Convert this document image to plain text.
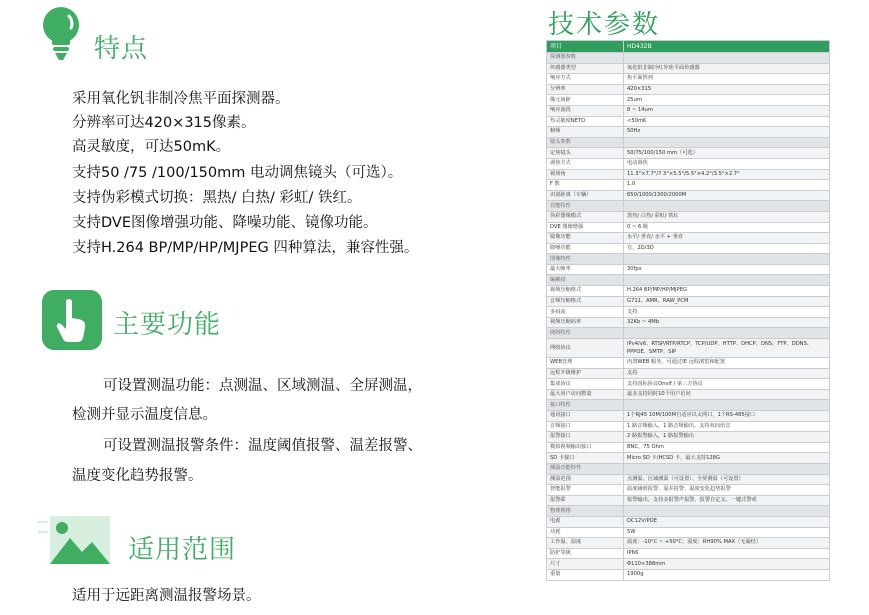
特点
采用氧化钒非制冷焦平面探测器。
分辨率可达420×315像素。
高灵敏度，可达50mK。
支持50 /75 /100/150mm 电动调焦镜头（可选）。
支持伪彩模式切换：黑热/ 白热/ 彩虹/ 铁红。
支持DVE图像增强功能、降噪功能、镜像功能。
支持H.264 BP/MP/HP/MJPEG 四种算法，兼容性强。
主要功能
可设置测温功能：点测温、区域测温、全屏测温，
检测并显示温度信息。
可设置测温报警条件：温度阈值报警、温差报警、
温度变化趋势报警。
适用范围
适用于远距离测温报警场景。
技术参数
项目	HD432B
探测器参数	
传感器类型	氧化钒非制冷红外焦平面传感器
响应方式	焦平面阵列
分辨率	420×315
像元间距	25um
响应波段	8 ~ 14um
热灵敏度NETD	<50mK
帧频	50Hz
镜头参数	
定焦镜头	50/75/100/150 mm（可选）
调焦方式	电动调焦
视场角	11.3°×7.7°/7.3°×5.5°/5.5°×4.2°/3.5°×2.7°
F 数	1.0
识别距离（车辆）	650/1000/1300/2000M
功能特性	
伪彩图像模式	黑热/ 白热/ 彩虹/ 铁红
DVE 图像增强	0 ~ 6 级
镜像功能	水平/ 垂直/ 水平 + 垂直
降噪功能	有，2D/3D
图像特性	
最大帧率	30fps
编解码	
视频压缩格式	H.264 BP/MP/HP/MJPEG
音频压缩格式	G711、AMR、RAW_PCM
多码流	支持
视频压缩码率	32Kb ~ 4Mb
网络特性	
网络协议	IPv4/v6、RTSP/RTP/RTCP、TCP/UDP、HTTP、DHCP、DNS、FTP、DDNS、PPPOE、SMTP、SIP
WEB管理	内置WEB 服务，可通过IE 远程浏览和配置
远程升级维护	支持
集成协议	支持国标协议Onvif / 第三方协议
最大用户访问数量	最多支持同时10个用户访问
接口特性	
通讯接口	1个RJ45 10M/100M自适应以太网口，1个RS-485接口
音频接口	1 路音频输入，1 路音频输出，支持双向语音
报警接口	2 路报警输入，1 路报警输出
模拟视频输出接口	BNC，75 Ohm
SD 卡接口	Micro SD 卡/HCSD 卡，最大支持128G
测温功能特性	
测温范围	点测温、区域测温（可设置）、全屏测温（可设置）
智能报警	温度阈值报警、温差报警、温度变化趋势报警
报警联	报警输出，支持多报警声报警、报警自定义、一键式警戒
物理规格	
电源	DC12V/POE
功耗	5W
工作温、湿度	温度：-10°C ~ +50°C；湿度：RH90% MAX（无凝结）
防护等级	IP66
尺寸	Φ110×388mm
重量	1900g
